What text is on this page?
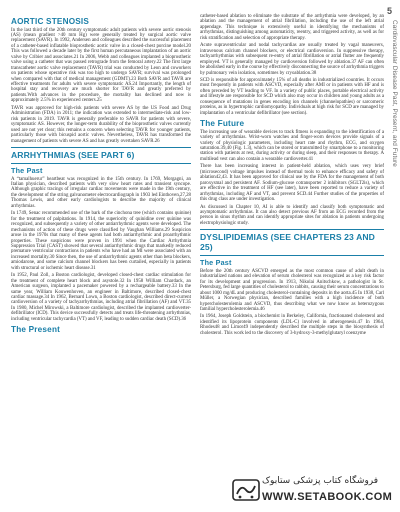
5
Cardiovascular Disease Past, Present, and Future
AORTIC STENOSIS

In the last third of the 20th century symptomatic adult patients with severe aortic stenosis (AS) (mean gradient >40 mm Hg) were generally treated by surgical aortic valve replacement (SAVR). In 1992, Andersen and colleagues described the successful placement of a catheter-based inflatable bioprosthetic aortic valve in a closed-chest porcine model.20 This was followed a decade later by the first human percutaneous implantation of an aortic valve by Cribier and associates.21 In 2006, Webb and colleagues implanted a bioprosthetic valve using a catheter that was passed retrograde from the femoral artery.22 The first large transcatheter aortic valve replacement (TAVR) trial was conducted by Leon and coworkers on patients whose operative risk was too high to undergo SAVR; survival was prolonged when compared with that of medical management (GDMT).23 Both SAVR and TAVR are effective treatments for adults with severe symptomatic AS.24 Importantly, the length of hospital stay and recovery are much shorter for TAVR and greatly preferred by patients.With advances in the procedure, the mortality has declined and now is approximately 2.5% in experienced centers.25

TAVR was approved for high-risk patients with severe AS by the US Food and Drug Administration (FDA) in 2011; the indication was extended to intermediate-risk and low-risk patients in 2019. TAVR is generally preferable to SAVR for patients with severe, symptomatic AS. However, the longer-term durability of the bioprosthetic valves currently used are not yet clear; this remains a concern when selecting TAVR for younger patients, particularly those with bicuspid aortic valves. Nevertheless, TAVR has transformed the management of patients with severe AS and has greatly overtaken SAVR.26

ARRHYTHMIAS (SEE PART 6)
The Past

A “tamalhuerur” heartbeat was recognized in the 15th century. In 1769, Morgagni, an Italian physician, described patients with very slow heart rates and transient syncope. Although graphic tracings of irregular cardiac movements were made in the 19th century, the development of the string galvanometer electrocardiograph in 1903 led Einthoven,27,28 Thomas Lewis, and other early cardiologists to describe the majority of clinical arrhythmias.

In 1749, Senac recommended use of the bark of the cinchona tree (which contains quinine) for the treatment of palpitations. In 1914, the superiority of quinidine over quinine was recognized, and subsequently a variety of other antiarrhythmic agents were developed. The mechanisms of action of these drugs were classified by Vaughan Williams.29 Suspicion arose in the 1970s that many of these agents had both antiarrhythmic and proarrhythmic properties. These suspicions were proven in 1991 when the Cardiac Arrhythmia Suppression Trial (CAST) showed that several antiarrhythmic drugs that markedly reduced premature ventricular contractions in patients who have had an MI were associated with an increased mortality.30 Since then, the use of antiarrhythmic agents other than beta blockers, amiodarone, and some calcium channel blockers has been curtailed, especially in patients with structural or ischemic heart disease.31

In 1952, Paul Zoll, a Boston cardiologist, developed closed-chest cardiac stimulation for the treatment of complete heart block and asystole.32 In 1958 William Chardack, an American surgeon, implanted a pacemaker powered by a rechargeable battery.33 In the same year, William Kouwenhoven, an engineer in Baltimore, described closed-chest cardiac massage.34 In 1962, Bernard Lown, a Boston cardiologist, described direct-current cardioversion of a variety of tachyarrhythmias, including atrial fibrillation (AF) and VT.35 In 1980, Michel Mirowski, a Baltimore cardiologist, described the implanted cardioverter-defibrillator (ICD). This device successfully detects and treats life-threatening arrhythmias, including ventricular tachycardia (VT) and VF, leading to sudden cardiac death (SCD).36

The Present

catheter-based ablation to eliminate the substrate of the arrhythmia were developed, by an ablation and the management of atrial fibrillation, including the use of the left atrial appendage. This technique is extensively useful in identifying the mechanisms of arrhythmias, distinguishing among automaticity, reentry, and triggered activity, as well as for risk stratification and selection of appropriate therapy.

Acute supraventricular and nodal tachycardias are usually treated by vagal maneuvers, intravenous calcium channel blockers, or electrical cardioversion. In suppressive therapy, tachyarrhythmias with subsequent re-entry of atrial fibrillation or atrial flutter are frequently employed. VT is generally managed by cardioversion followed by ablation.37 AF can often be abolished early in the course by effectively disconnecting the source of arrhythmia triggers by pulmonary vein isolation, sometimes by cryoablation.38

SCD is responsible for approximately 15% of all deaths in industrialized countries. It occurs most frequently in patients with ASCVD, especially after AMI or in patients with HF and is often preceded by VT leading to VF. In a variety of public places, portable electrical activity and lifestyle are responsible for SCD which also may occur in children and young adults as a consequence of mutations in genes encoding ion channels (channelopathies) or sarcomeric proteins, as in hypertrophic cardiomyopathy. Individuals at high risk for SCD are managed by implantation of a ventricular defibrillator (see section).

The Future

The increasing use of wearable devices to track fitness is expanding to the identification of a variety of arrhythmias. Wrist-worn watches and finger-worn devices provide signals of a variety of physiologic parameters, including heart rate and rhythm, ECG, and oxygen saturation.39,40 (Fig. 1.3), which can be stored or transmitted by smartphone to a monitoring station with patients at rest, during activity or during sleep, and their responses to therapy. A multilead vest can also contain a wearable cardioverter.41

There has been increasing interest in patient-held ablation, which uses very brief (microsecond) voltage impulses instead of thermal tools to enhance efficacy and safety of ablation42,43. It has been approved for clinical use by the FDA for the management of both paroxysmal and persistent AF. Sodium-glucose cotransporter 2 inhibitors (SGLT2is), which are effective in the treatment of HF (see later), have been reported to reduce a variety of arrhythmias, including AF and VT, and prevent SCD.44 Further studies of the properties of this drug class are under investigation.

As discussed in Chapter 10, AI is able to identify and classify both symptomatic and asymptomatic arrhythmias. It can also detect previous AF from an ECG recorded from the person in sinus rhythm and can identify appropriate sites for ablation in patients undergoing electrophysiologic study.

DYSLIPIDEMIAS (SEE CHAPTERS 23 AND 25)
The Past

Before the 20th century ASCVD emerged as the most common cause of adult death in industrialized nations and elevation of serum cholesterol was recognized as a key risk factor for its development and progression. In 1913, Nikolai Anitschkow, a pathologist in St. Petersburg, fed large quantities of cholesterol to rabbits, causing their serum concentrations to about 1000 mg/dL and producing cholesterol-containing deposits in the aorta.45 In 1938, Carl Müller, a Norwegian physician, described families with a high incidence of both hypercholesterolemia and ASCVD, thus describing what we now know as heterozygous familial hypercholesterolemia.46

In 1964, Joseph Goldstein, a biochemist in Berkeley, California, fractionated cholesterol and identified its lipoprotein components (LDL-C) involved in atherogenesis.47 In 1964, Rhodes48 and Limor49 independently described the multiple steps in the biosynthesis of cholesterol. This work led to the discovery of 3-hydroxy-3-methylglutaryl coenzyme

فروشگاه کتاب پزشکی ستابوک
WWW.SETABOOK.COM
